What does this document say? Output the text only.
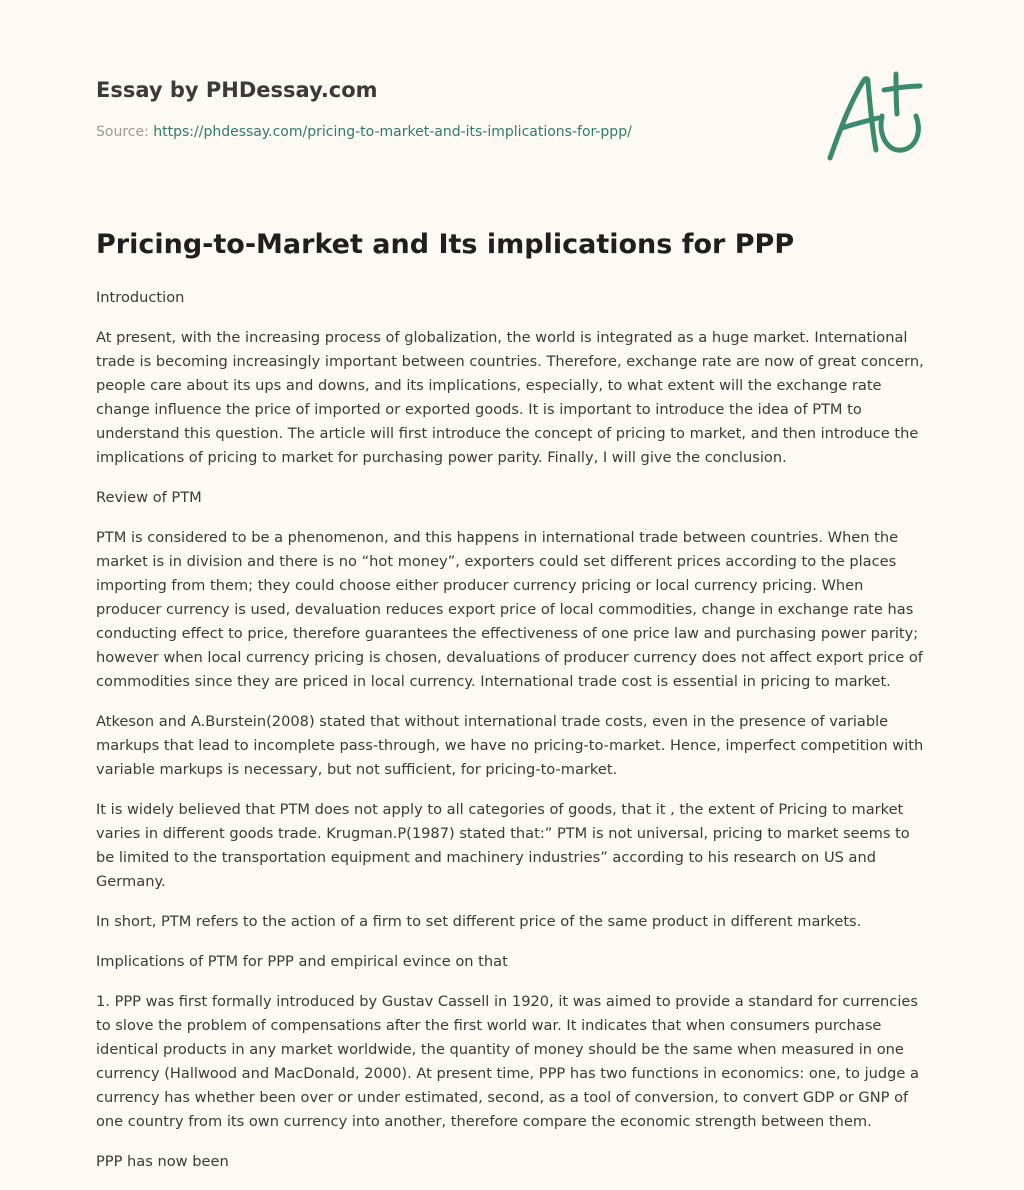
Essay by PHDessay.com
Source: https://phdessay.com/pricing-to-market-and-its-implications-for-ppp/
Pricing-to-Market and Its implications for PPP

Introduction

At present, with the increasing process of globalization, the world is integrated as a huge market. International trade is becoming increasingly important between countries. Therefore, exchange rate are now of great concern, people care about its ups and downs, and its implications, especially, to what extent will the exchange rate change influence the price of imported or exported goods. It is important to introduce the idea of PTM to understand this question. The article will first introduce the concept of pricing to market, and then introduce the implications of pricing to market for purchasing power parity. Finally, I will give the conclusion.

Review of PTM

PTM is considered to be a phenomenon, and this happens in international trade between countries. When the market is in division and there is no “hot money”, exporters could set different prices according to the places importing from them; they could choose either producer currency pricing or local currency pricing. When producer currency is used, devaluation reduces export price of local commodities, change in exchange rate has conducting effect to price, therefore guarantees the effectiveness of one price law and purchasing power parity; however when local currency pricing is chosen, devaluations of producer currency does not affect export price of commodities since they are priced in local currency. International trade cost is essential in pricing to market.

Atkeson and A.Burstein(2008) stated that without international trade costs, even in the presence of variable markups that lead to incomplete pass-through, we have no pricing-to-market. Hence, imperfect competition with variable markups is necessary, but not sufficient, for pricing-to-market.

It is widely believed that PTM does not apply to all categories of goods, that it , the extent of Pricing to market varies in different goods trade. Krugman.P(1987) stated that:” PTM is not universal, pricing to market seems to be limited to the transportation equipment and machinery industries” according to his research on US and Germany.

In short, PTM refers to the action of a firm to set different price of the same product in different markets.

Implications of PTM for PPP and empirical evince on that

1. PPP was first formally introduced by Gustav Cassell in 1920, it was aimed to provide a standard for currencies to slove the problem of compensations after the first world war. It indicates that when consumers purchase identical products in any market worldwide, the quantity of money should be the same when measured in one currency (Hallwood and MacDonald, 2000). At present time, PPP has two functions in economics: one, to judge a currency has whether been over or under estimated, second, as a tool of conversion, to convert GDP or GNP of one country from its own currency into another, therefore compare the economic strength between them.

PPP has now been
